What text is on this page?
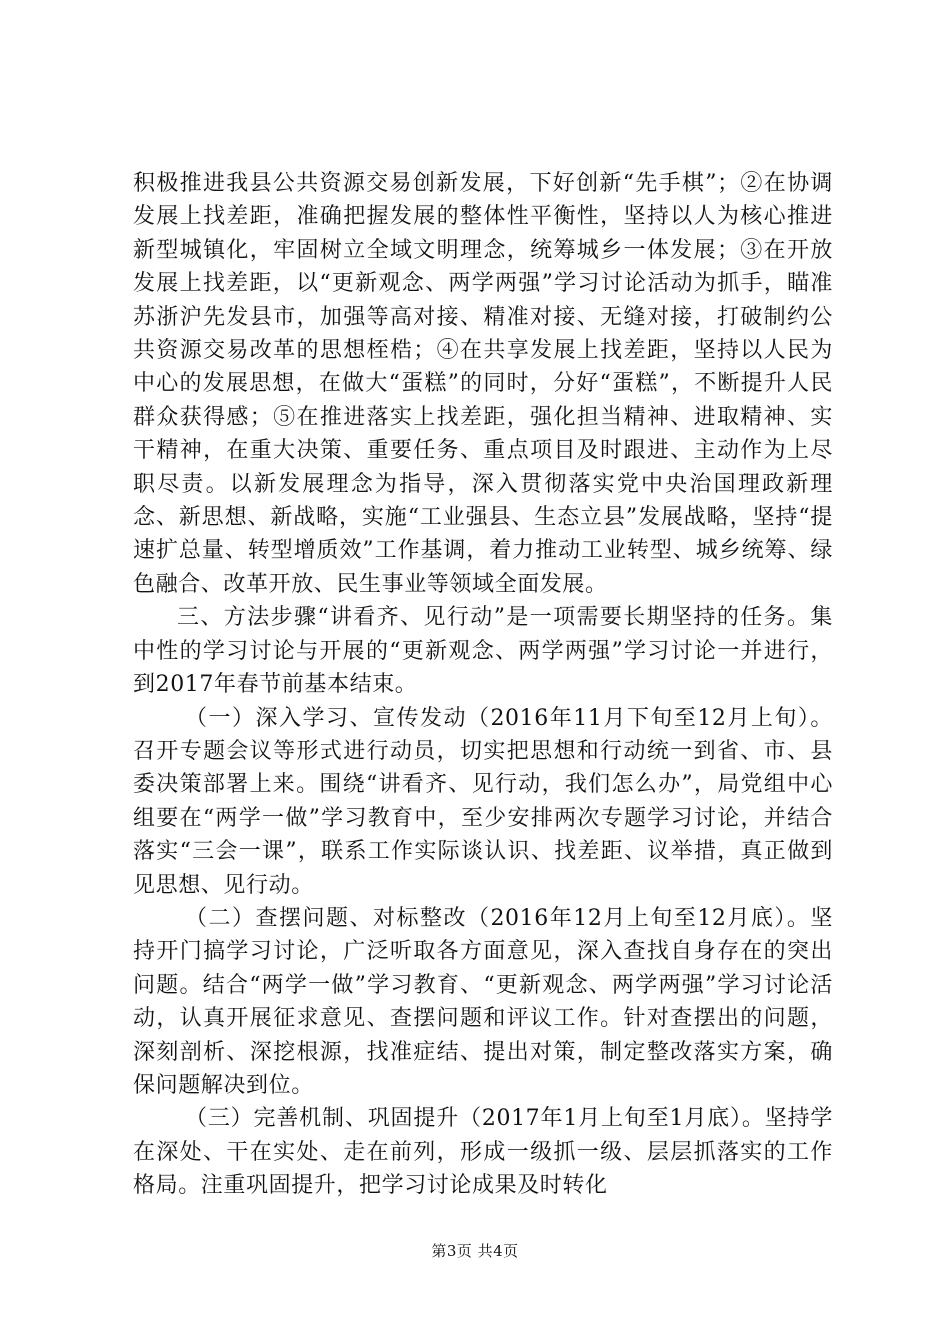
积极推进我县公共资源交易创新发展，下好创新“先手棋”；②在协调发展上找差距，准确把握发展的整体性平衡性，坚持以人为核心推进新型城镇化，牢固树立全域文明理念，统筹城乡一体发展；③在开放发展上找差距，以“更新观念、两学两强”学习讨论活动为抓手，瞄准苏浙沪先发县市，加强等高对接、精准对接、无缝对接，打破制约公共资源交易改革的思想桎梏；④在共享发展上找差距，坚持以人民为中心的发展思想，在做大“蛋糕”的同时，分好“蛋糕”，不断提升人民群众获得感；⑤在推进落实上找差距，强化担当精神、进取精神、实干精神，在重大决策、重要任务、重点项目及时跟进、主动作为上尽职尽责。以新发展理念为指导，深入贯彻落实党中央治国理政新理念、新思想、新战略，实施“工业强县、生态立县”发展战略，坚持“提速扩总量、转型增质效”工作基调，着力推动工业转型、城乡统筹、绿色融合、改革开放、民生事业等领域全面发展。

三、方法步骤“讲看齐、见行动”是一项需要长期坚持的任务。集中性的学习讨论与开展的“更新观念、两学两强”学习讨论一并进行，到2017年春节前基本结束。

（一）深入学习、宣传发动（2016年11月下旬至12月上旬）。召开专题会议等形式进行动员，切实把思想和行动统一到省、市、县委决策部署上来。围绕“讲看齐、见行动，我们怎么办”，局党组中心组要在“两学一做”学习教育中，至少安排两次专题学习讨论，并结合落实“三会一课”，联系工作实际谈认识、找差距、议举措，真正做到见思想、见行动。

（二）查摆问题、对标整改（2016年12月上旬至12月底）。坚持开门搞学习讨论，广泛听取各方面意见，深入查找自身存在的突出问题。结合“两学一做”学习教育、“更新观念、两学两强”学习讨论活动，认真开展征求意见、查摆问题和评议工作。针对查摆出的问题，深刻剖析、深挖根源，找准症结、提出对策，制定整改落实方案，确保问题解决到位。

（三）完善机制、巩固提升（2017年1月上旬至1月底）。坚持学在深处、干在实处、走在前列，形成一级抓一级、层层抓落实的工作格局。注重巩固提升，把学习讨论成果及时转化

第3页 共4页
